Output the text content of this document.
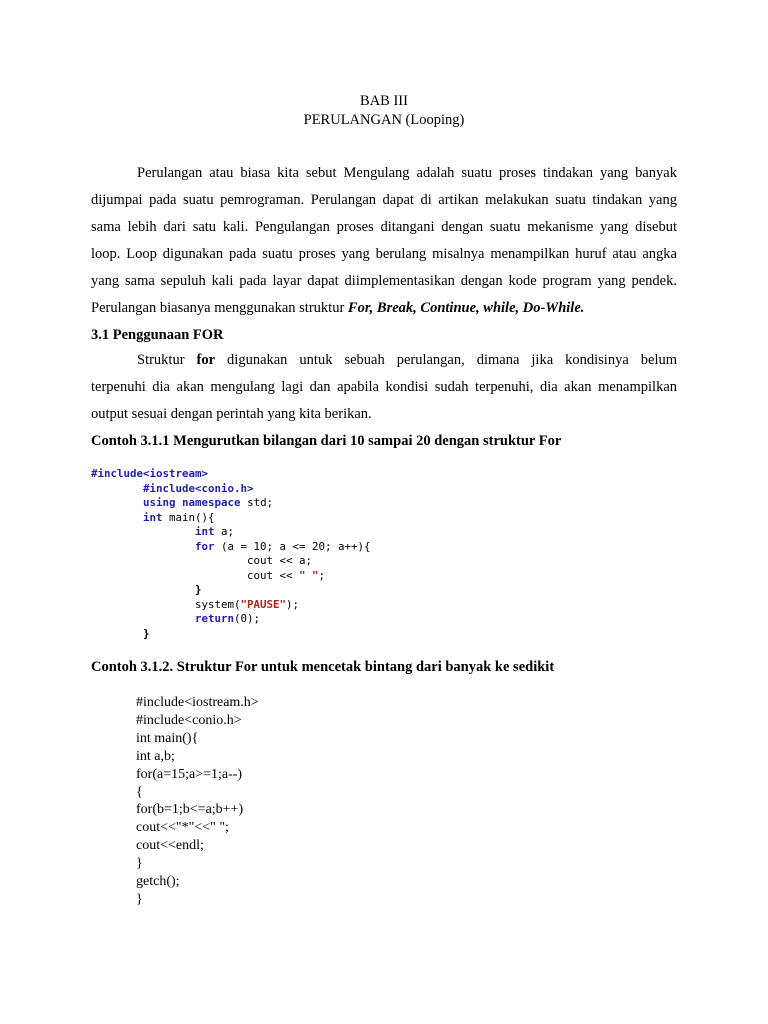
BAB III
PERULANGAN (Looping)
Perulangan atau biasa kita sebut Mengulang adalah suatu proses tindakan yang banyak
dijumpai pada suatu pemrograman. Perulangan dapat di artikan melakukan suatu tindakan yang
sama lebih dari satu kali. Pengulangan proses ditangani dengan suatu mekanisme yang disebut
loop. Loop digunakan pada suatu proses yang berulang misalnya menampilkan huruf atau angka
yang sama sepuluh kali pada layar dapat diimplementasikan dengan kode program yang pendek.
Perulangan biasanya menggunakan struktur For, Break, Continue, while, Do-While.
3.1 Penggunaan FOR
Struktur for digunakan untuk sebuah perulangan, dimana jika kondisinya belum
terpenuhi dia akan mengulang lagi dan apabila kondisi sudah terpenuhi, dia akan menampilkan
output sesuai dengan perintah yang kita berikan.
Contoh 3.1.1 Mengurutkan bilangan dari 10 sampai 20 dengan struktur For
#include<iostream>
#include<conio.h>
using namespace std;
int main(){
int a;
for (a = 10; a <= 20; a++){
cout << a;
cout << " ";
}
system("PAUSE");
return(0);
}
Contoh 3.1.2. Struktur For untuk mencetak bintang dari banyak ke sedikit
#include<iostream.h>
#include<conio.h>
int main(){
int a,b;
for(a=15;a>=1;a--)
{
for(b=1;b<=a;b++)
cout<<"*"<<" ";
cout<<endl;
}
getch();
}
